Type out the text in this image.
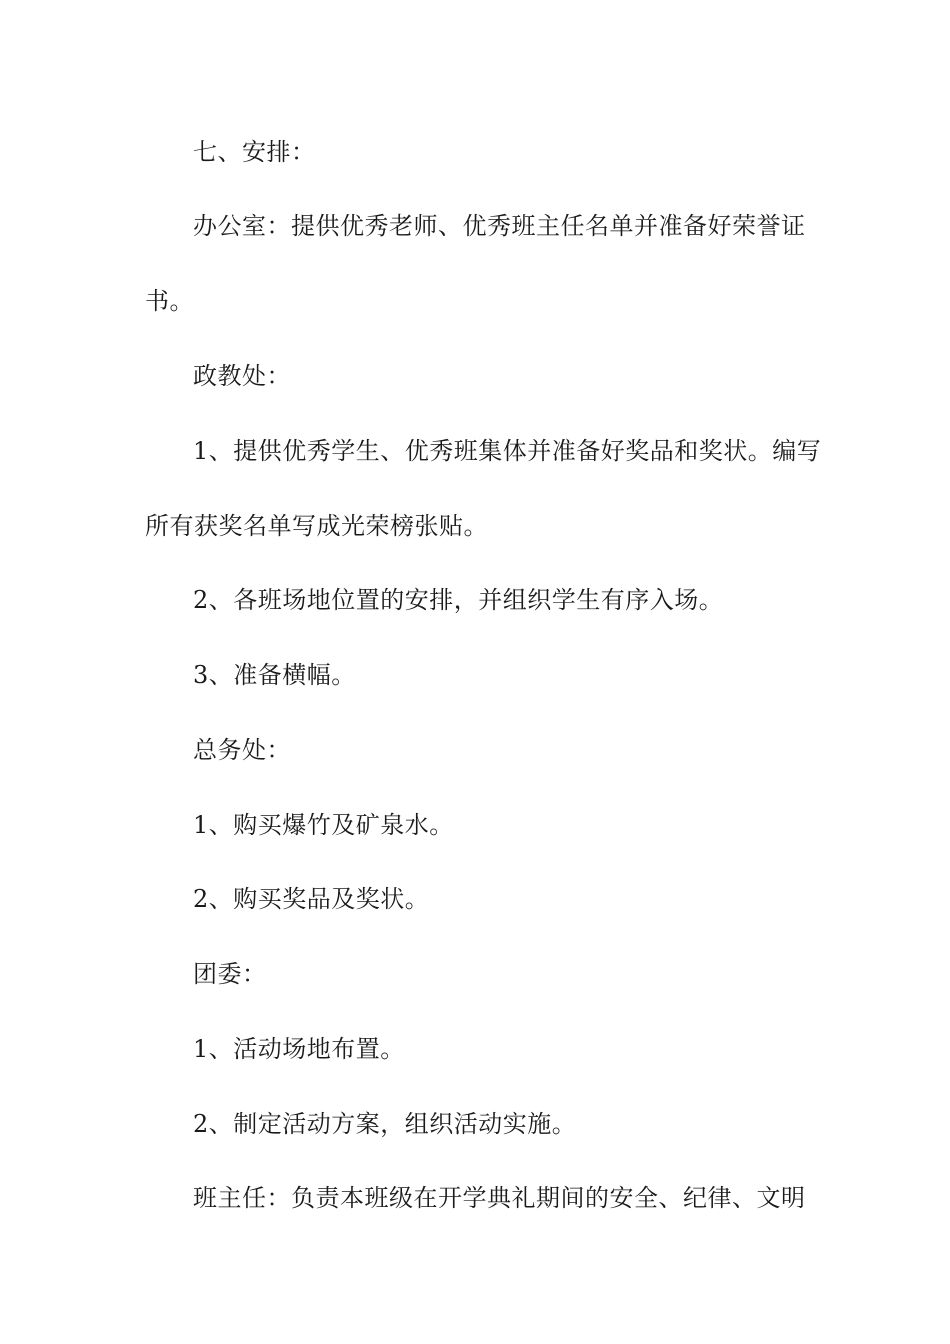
七、安排：
办公室：提供优秀老师、优秀班主任名单并准备好荣誉证
书。
政教处：
1、提供优秀学生、优秀班集体并准备好奖品和奖状。编写
所有获奖名单写成光荣榜张贴。
2、各班场地位置的安排，并组织学生有序入场。
3、准备横幅。
总务处：
1、购买爆竹及矿泉水。
2、购买奖品及奖状。
团委：
1、活动场地布置。
2、制定活动方案，组织活动实施。
班主任：负责本班级在开学典礼期间的安全、纪律、文明
